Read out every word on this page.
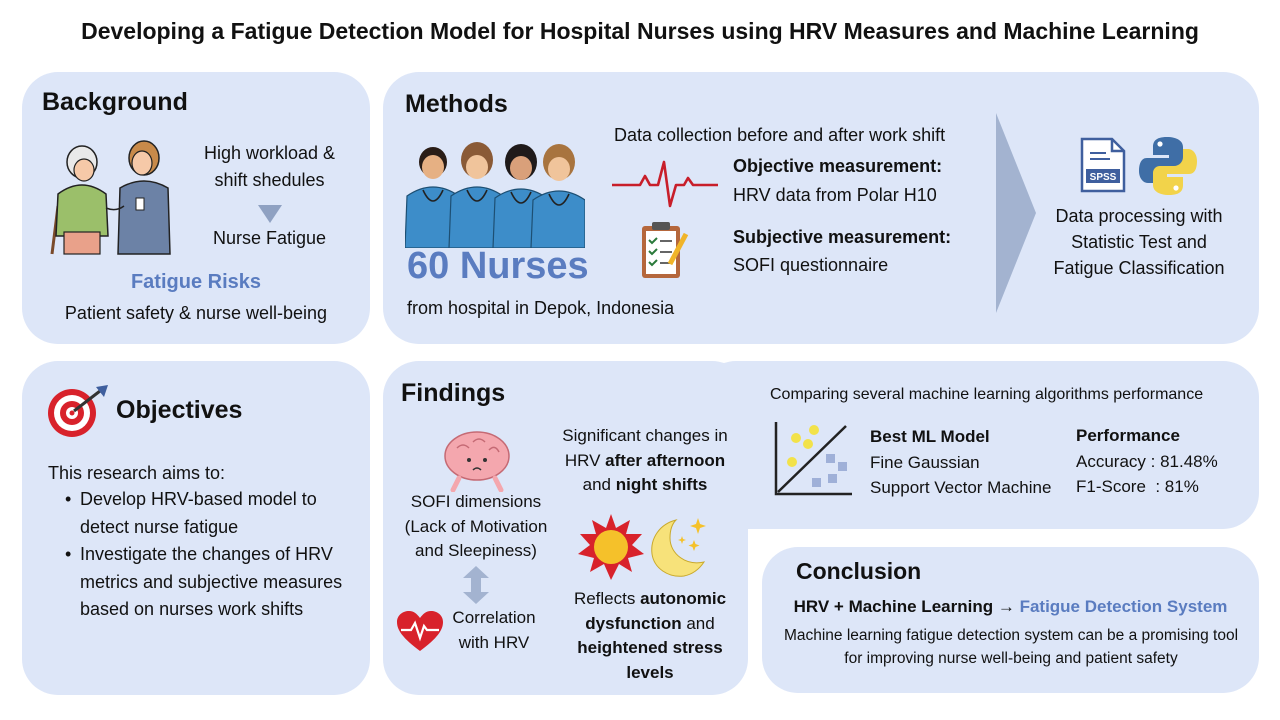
Developing a Fatigue Detection Model for Hospital Nurses using HRV Measures and Machine Learning
Background
High workload & shift shedules
Nurse Fatigue
Fatigue Risks
Patient safety & nurse well-being
Methods
60 Nurses
from hospital in Depok, Indonesia
Data collection before and after work shift
Objective measurement:
HRV data from Polar H10
Subjective measurement:
SOFI questionnaire
SPSS
Data processing with Statistic Test and Fatigue Classification
Objectives
This research aims to:
• Develop HRV-based model to detect nurse fatigue
• Investigate the changes of HRV metrics and subjective measures based on nurses work shifts
Findings
SOFI dimensions (Lack of Motivation and Sleepiness)
Correlation with HRV
Significant changes in HRV after afternoon and night shifts
Reflects autonomic dysfunction and heightened stress levels
Comparing several machine learning algorithms performance
Best ML Model
Fine Gaussian
Support Vector Machine
Performance
Accuracy : 81.48%
F1-Score  : 81%
Conclusion
HRV + Machine Learning → Fatigue Detection System
Machine learning fatigue detection system can be a promising tool for improving nurse well-being and patient safety
